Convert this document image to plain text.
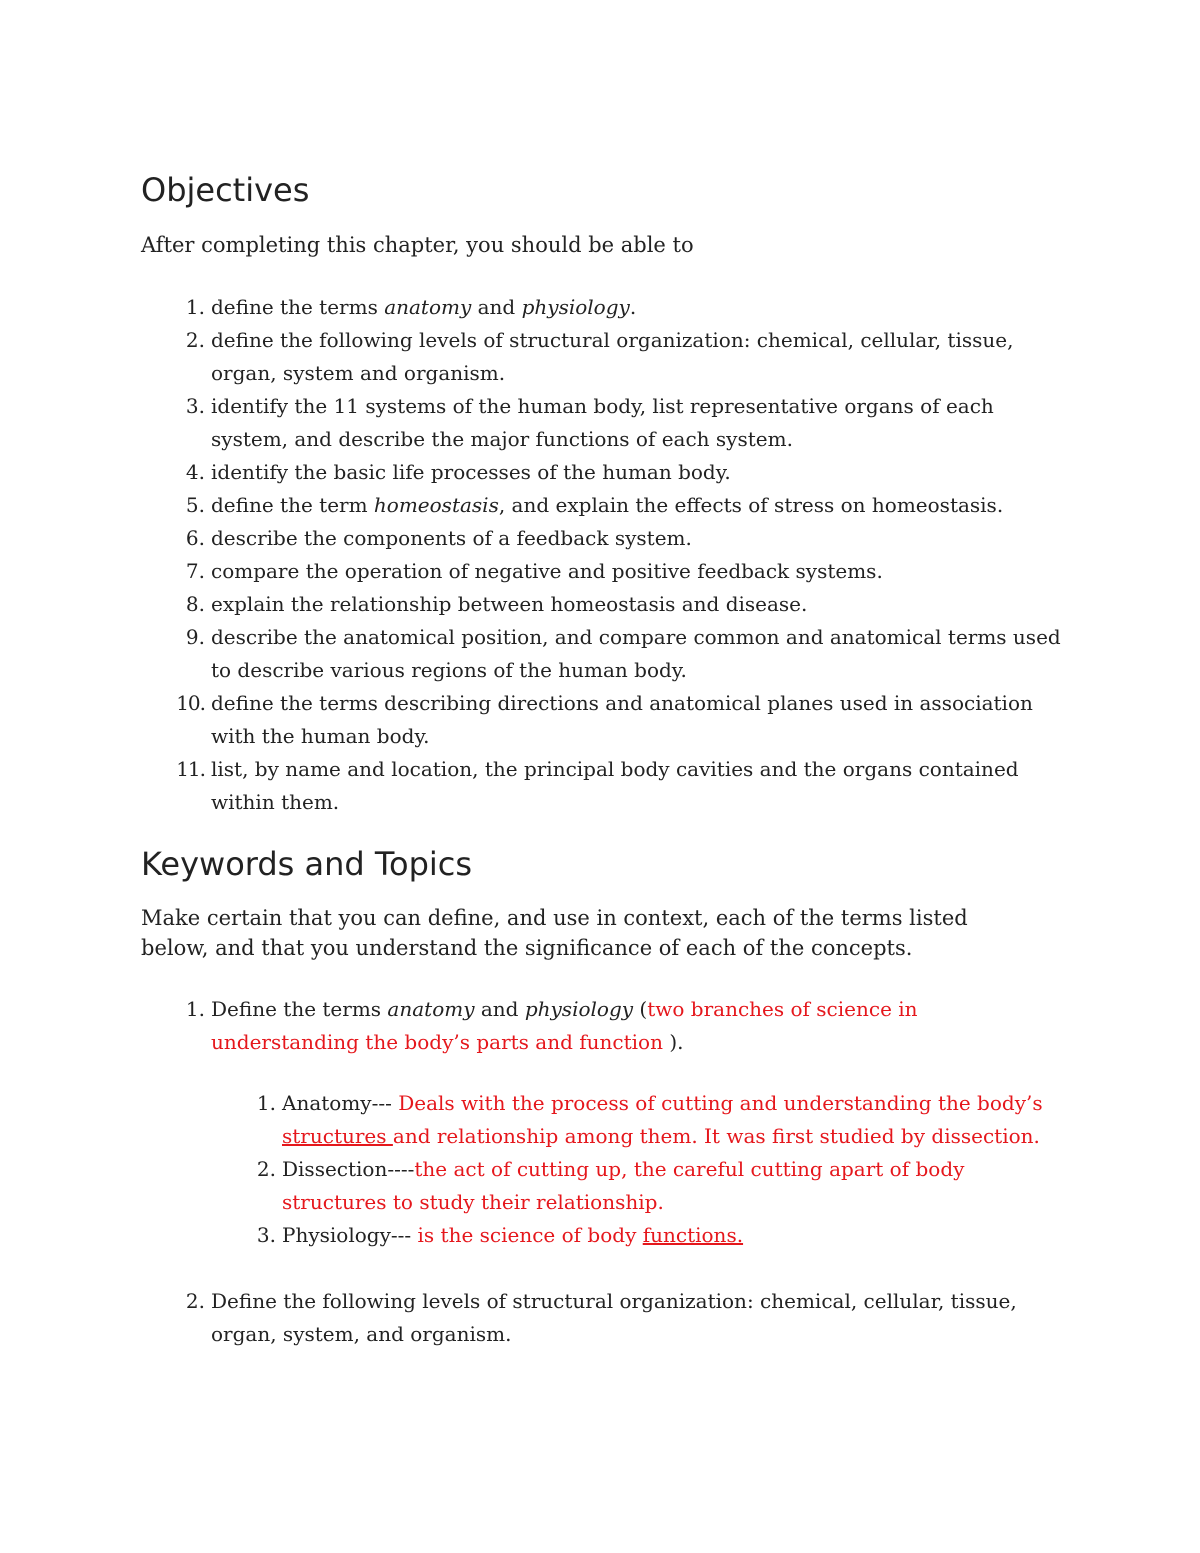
Objectives

After completing this chapter, you should be able to

1. define the terms anatomy and physiology.
2. define the following levels of structural organization: chemical, cellular, tissue, organ, system and organism.
3. identify the 11 systems of the human body, list representative organs of each system, and describe the major functions of each system.
4. identify the basic life processes of the human body.
5. define the term homeostasis, and explain the effects of stress on homeostasis.
6. describe the components of a feedback system.
7. compare the operation of negative and positive feedback systems.
8. explain the relationship between homeostasis and disease.
9. describe the anatomical position, and compare common and anatomical terms used to describe various regions of the human body.
10. define the terms describing directions and anatomical planes used in association with the human body.
11. list, by name and location, the principal body cavities and the organs contained within them.
Keywords and Topics

Make certain that you can define, and use in context, each of the terms listed below, and that you understand the significance of each of the concepts.

1. Define the terms anatomy and physiology (two branches of science in understanding the body’s parts and function ).
1. Anatomy--- Deals with the process of cutting and understanding the body’s structures and relationship among them. It was first studied by dissection.
2. Dissection----the act of cutting up, the careful cutting apart of body structures to study their relationship.
3. Physiology--- is the science of body functions.
2. Define the following levels of structural organization: chemical, cellular, tissue, organ, system, and organism.
